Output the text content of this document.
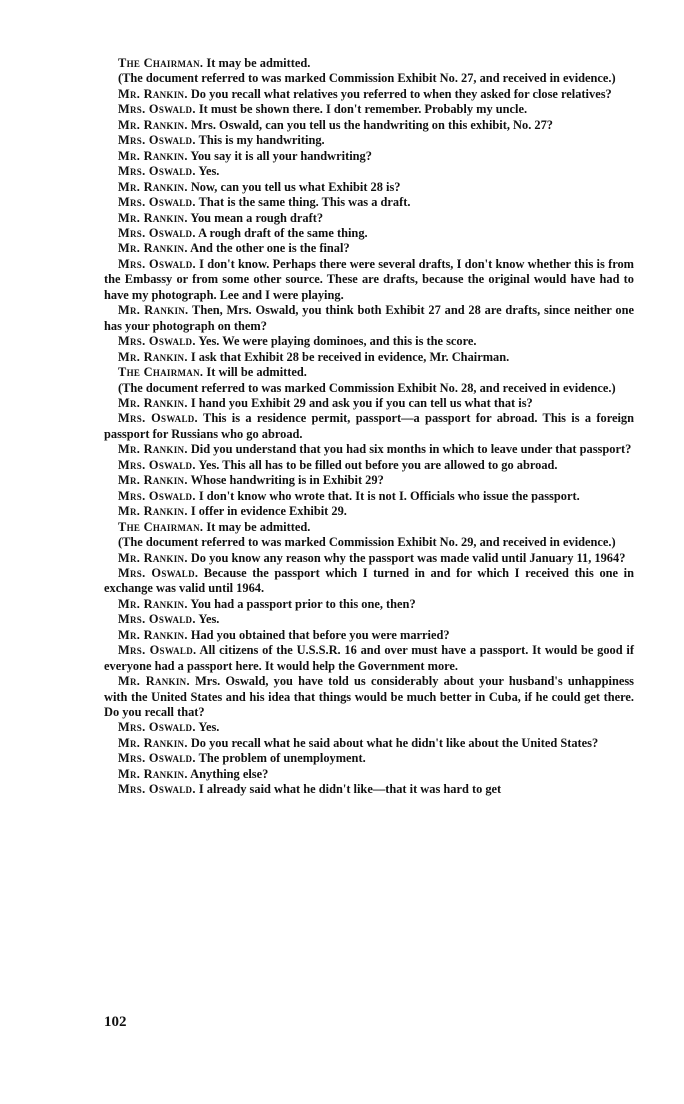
The Chairman. It may be admitted.

(The document referred to was marked Commission Exhibit No. 27, and received in evidence.)

Mr. Rankin. Do you recall what relatives you referred to when they asked for close relatives?

Mrs. Oswald. It must be shown there. I don't remember. Probably my uncle.

Mr. Rankin. Mrs. Oswald, can you tell us the handwriting on this exhibit, No. 27?

Mrs. Oswald. This is my handwriting.

Mr. Rankin. You say it is all your handwriting?

Mrs. Oswald. Yes.

Mr. Rankin. Now, can you tell us what Exhibit 28 is?

Mrs. Oswald. That is the same thing. This was a draft.

Mr. Rankin. You mean a rough draft?

Mrs. Oswald. A rough draft of the same thing.

Mr. Rankin. And the other one is the final?

Mrs. Oswald. I don't know. Perhaps there were several drafts, I don't know whether this is from the Embassy or from some other source. These are drafts, because the original would have had to have my photograph. Lee and I were playing.

Mr. Rankin. Then, Mrs. Oswald, you think both Exhibit 27 and 28 are drafts, since neither one has your photograph on them?

Mrs. Oswald. Yes. We were playing dominoes, and this is the score.

Mr. Rankin. I ask that Exhibit 28 be received in evidence, Mr. Chairman.

The Chairman. It will be admitted.

(The document referred to was marked Commission Exhibit No. 28, and received in evidence.)

Mr. Rankin. I hand you Exhibit 29 and ask you if you can tell us what that is?

Mrs. Oswald. This is a residence permit, passport—a passport for abroad. This is a foreign passport for Russians who go abroad.

Mr. Rankin. Did you understand that you had six months in which to leave under that passport?

Mrs. Oswald. Yes. This all has to be filled out before you are allowed to go abroad.

Mr. Rankin. Whose handwriting is in Exhibit 29?

Mrs. Oswald. I don't know who wrote that. It is not I. Officials who issue the passport.

Mr. Rankin. I offer in evidence Exhibit 29.

The Chairman. It may be admitted.

(The document referred to was marked Commission Exhibit No. 29, and received in evidence.)

Mr. Rankin. Do you know any reason why the passport was made valid until January 11, 1964?

Mrs. Oswald. Because the passport which I turned in and for which I received this one in exchange was valid until 1964.

Mr. Rankin. You had a passport prior to this one, then?

Mrs. Oswald. Yes.

Mr. Rankin. Had you obtained that before you were married?

Mrs. Oswald. All citizens of the U.S.S.R. 16 and over must have a passport. It would be good if everyone had a passport here. It would help the Government more.

Mr. Rankin. Mrs. Oswald, you have told us considerably about your husband's unhappiness with the United States and his idea that things would be much better in Cuba, if he could get there. Do you recall that?

Mrs. Oswald. Yes.

Mr. Rankin. Do you recall what he said about what he didn't like about the United States?

Mrs. Oswald. The problem of unemployment.

Mr. Rankin. Anything else?

Mrs. Oswald. I already said what he didn't like—that it was hard to get

102
